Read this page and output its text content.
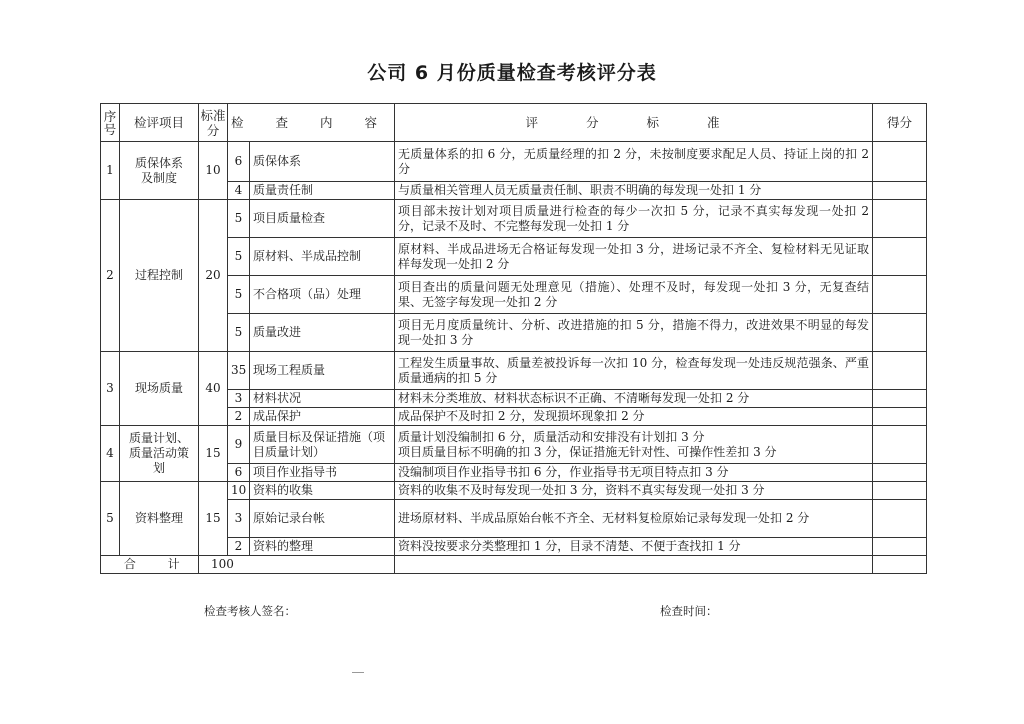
公司 6 月份质量检查考核评分表
序号	检评项目	标准分	检 查 内 容		评 分 标 准	得分
1	质保体系及制度	10	6	质保体系	无质量体系的扣 6 分，无质量经理的扣 2 分，未按制度要求配足人员、持证上岗的扣 2 分	
			4	质量责任制	与质量相关管理人员无质量责任制、职责不明确的每发现一处扣 1 分	
2	过程控制	20	5	项目质量检查	项目部未按计划对项目质量进行检查的每少一次扣 5 分，记录不真实每发现一处扣 2 分，记录不及时、不完整每发现一处扣 1 分	
			5	原材料、半成品控制	原材料、半成品进场无合格证每发现一处扣 3 分，进场记录不齐全、复检材料无见证取样每发现一处扣 2 分	
			5	不合格项（品）处理	项目查出的质量问题无处理意见（措施）、处理不及时，每发现一处扣 3 分，无复查结果、无签字每发现一处扣 2 分	
			5	质量改进	项目无月度质量统计、分析、改进措施的扣 5 分，措施不得力，改进效果不明显的每发现一处扣 3 分	
3	现场质量	40	35	现场工程质量	工程发生质量事故、质量差被投诉每一次扣 10 分，检查每发现一处违反规范强条、严重质量通病的扣 5 分	
			3	材料状况	材料未分类堆放、材料状态标识不正确、不清晰每发现一处扣 2 分	
			2	成品保护	成品保护不及时扣 2 分，发现损坏现象扣 2 分	
4	质量计划、质量活动策划	15	9	质量目标及保证措施（项目质量计划）	质量计划没编制扣 6 分，质量活动和安排没有计划扣 3 分
项目质量目标不明确的扣 3 分，保证措施无针对性、可操作性差扣 3 分	
			6	项目作业指导书	没编制项目作业指导书扣 6 分，作业指导书无项目特点扣 3 分	
5	资料整理	15	10	资料的收集	资料的收集不及时每发现一处扣 3 分，资料不真实每发现一处扣 3 分	
			3	原始记录台帐	进场原材料、半成品原始台帐不齐全、无材料复检原始记录每发现一处扣 2 分	
			2	资料的整理	资料没按要求分类整理扣 1 分，目录不清楚、不便于查找扣 1 分	
	合 计	100				
检查考核人签名：	检查时间：
